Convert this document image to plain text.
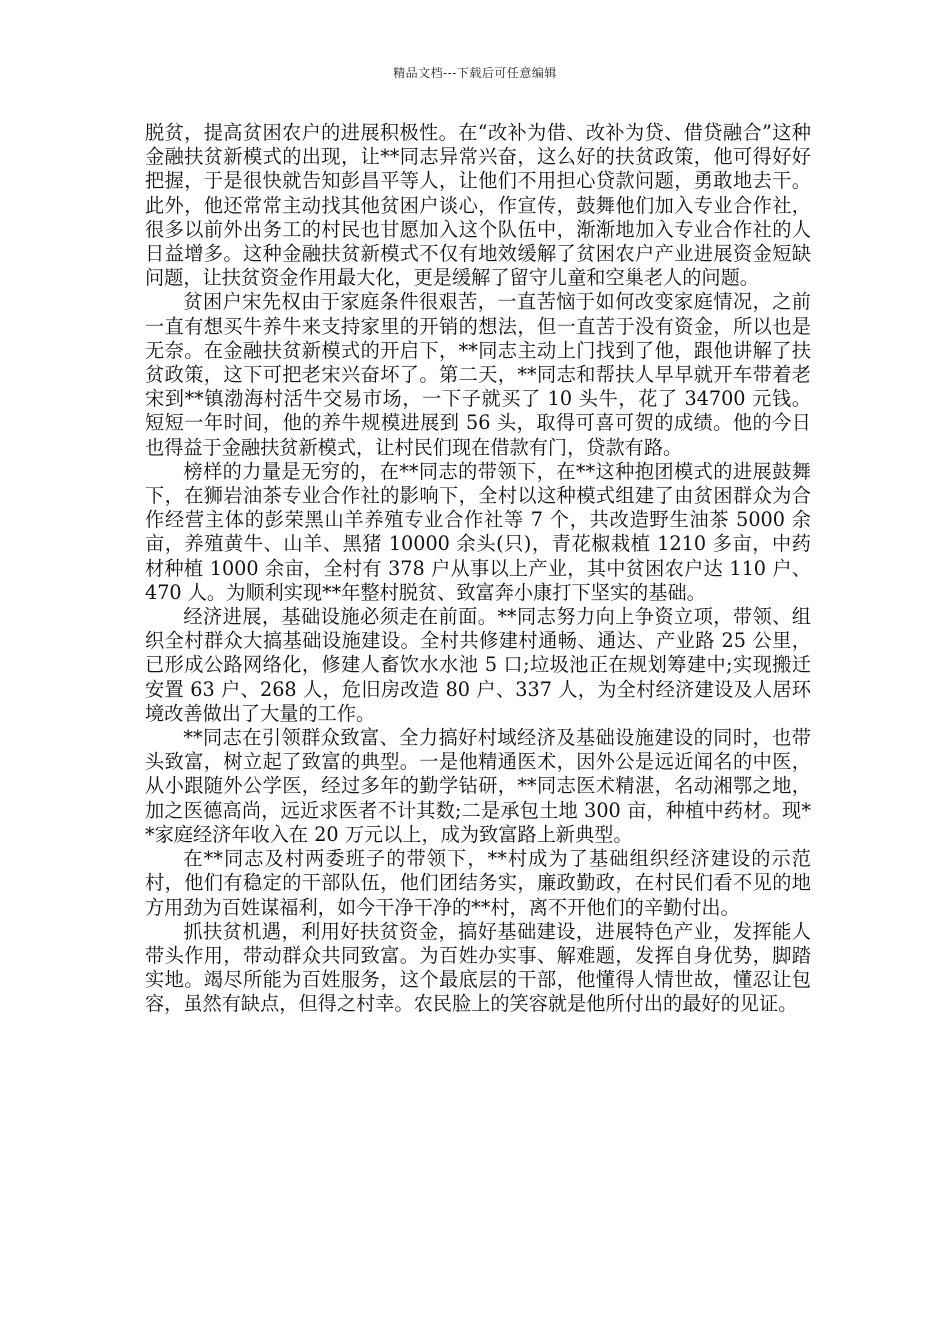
精品文档---下载后可任意编辑

脱贫，提高贫困农户的进展积极性。在“改补为借、改补为贷、借贷融合”这种金融扶贫新模式的出现，让**同志异常兴奋，这么好的扶贫政策，他可得好好把握，于是很快就告知彭昌平等人，让他们不用担心贷款问题，勇敢地去干。此外，他还常常主动找其他贫困户谈心，作宣传，鼓舞他们加入专业合作社，很多以前外出务工的村民也甘愿加入这个队伍中，渐渐地加入专业合作社的人日益增多。这种金融扶贫新模式不仅有地效缓解了贫困农户产业进展资金短缺问题，让扶贫资金作用最大化，更是缓解了留守儿童和空巢老人的问题。

贫困户宋先权由于家庭条件很艰苦，一直苦恼于如何改变家庭情况，之前一直有想买牛养牛来支持家里的开销的想法，但一直苦于没有资金，所以也是无奈。在金融扶贫新模式的开启下，**同志主动上门找到了他，跟他讲解了扶贫政策，这下可把老宋兴奋坏了。第二天，**同志和帮扶人早早就开车带着老宋到**镇渤海村活牛交易市场，一下子就买了 10 头牛，花了 34700 元钱。短短一年时间，他的养牛规模进展到 56 头，取得可喜可贺的成绩。他的今日也得益于金融扶贫新模式，让村民们现在借款有门，贷款有路。

榜样的力量是无穷的，在**同志的带领下，在**这种抱团模式的进展鼓舞下，在狮岩油茶专业合作社的影响下，全村以这种模式组建了由贫困群众为合作经营主体的彭荣黑山羊养殖专业合作社等 7 个，共改造野生油茶 5000 余亩，养殖黄牛、山羊、黑猪 10000 余头(只)，青花椒栽植 1210 多亩，中药材种植 1000 余亩，全村有 378 户从事以上产业，其中贫困农户达 110 户、470 人。为顺利实现**年整村脱贫、致富奔小康打下坚实的基础。

经济进展，基础设施必须走在前面。**同志努力向上争资立项，带领、组织全村群众大搞基础设施建设。全村共修建村通畅、通达、产业路 25 公里，已形成公路网络化，修建人畜饮水水池 5 口;垃圾池正在规划筹建中;实现搬迁安置 63 户、268 人，危旧房改造 80 户、337 人，为全村经济建设及人居环境改善做出了大量的工作。

**同志在引领群众致富、全力搞好村域经济及基础设施建设的同时，也带头致富，树立起了致富的典型。一是他精通医术，因外公是远近闻名的中医，从小跟随外公学医，经过多年的勤学钻研，**同志医术精湛，名动湘鄂之地，加之医德高尚，远近求医者不计其数;二是承包土地 300 亩，种植中药材。现**家庭经济年收入在 20 万元以上，成为致富路上新典型。

在**同志及村两委班子的带领下，**村成为了基础组织经济建设的示范村，他们有稳定的干部队伍，他们团结务实，廉政勤政，在村民们看不见的地方用劲为百姓谋福利，如今干净干净的**村，离不开他们的辛勤付出。

抓扶贫机遇，利用好扶贫资金，搞好基础建设，进展特色产业，发挥能人带头作用，带动群众共同致富。为百姓办实事、解难题，发挥自身优势，脚踏实地。竭尽所能为百姓服务，这个最底层的干部，他懂得人情世故，懂忍让包容，虽然有缺点，但得之村幸。农民脸上的笑容就是他所付出的最好的见证。
